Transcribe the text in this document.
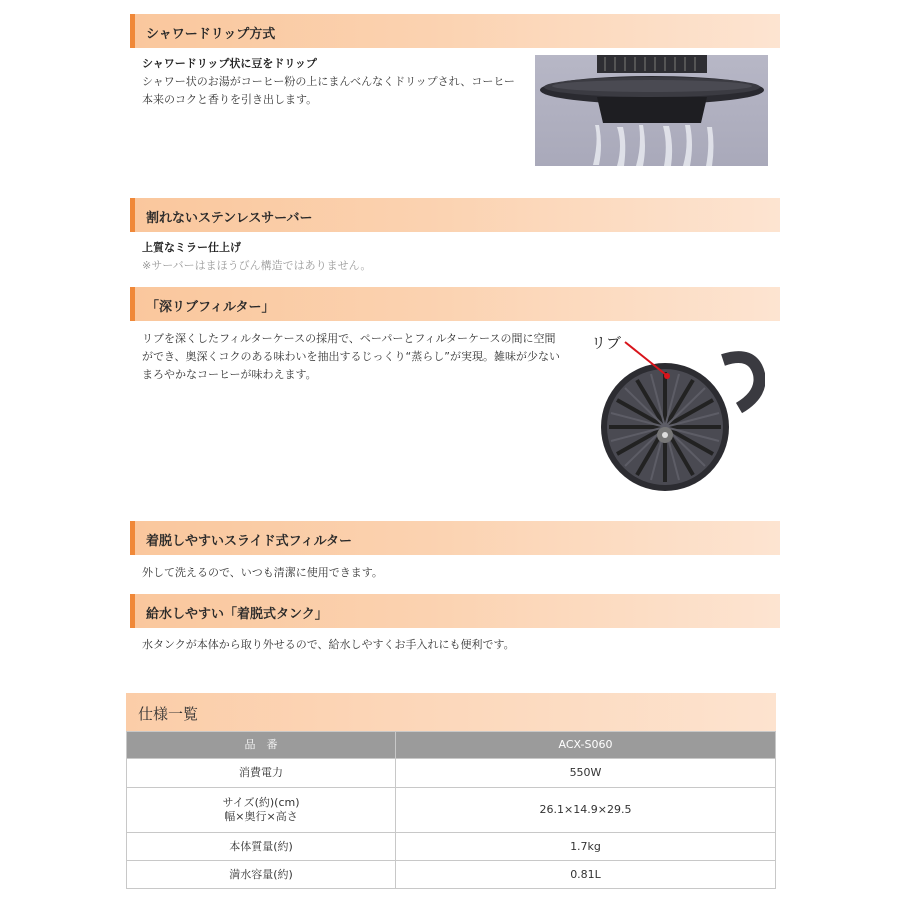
シャワードリップ方式
シャワードリップ状に豆をドリップ
シャワー状のお湯がコーヒー粉の上にまんべんなくドリップされ、コーヒー
本来のコクと香りを引き出します。
割れないステンレスサーバー
上質なミラー仕上げ
※サーバーはまほうびん構造ではありません。
「深リブフィルター」
リブを深くしたフィルターケースの採用で、ペーパーとフィルターケースの間に空間
ができ、奥深くコクのある味わいを抽出するじっくり“蒸らし”が実現。雑味が少ない
まろやかなコーヒーが味わえます。
リブ
着脱しやすいスライド式フィルター
外して洗えるので、いつも清潔に使用できます。
給水しやすい「着脱式タンク」
水タンクが本体から取り外せるので、給水しやすくお手入れにも便利です。
仕様一覧
品　番	ACX-S060
消費電力	550W

サイズ(約)(cm)
幅×奥行×高さ	26.1×14.9×29.5
本体質量(約)	1.7kg
満水容量(約)	0.81L
